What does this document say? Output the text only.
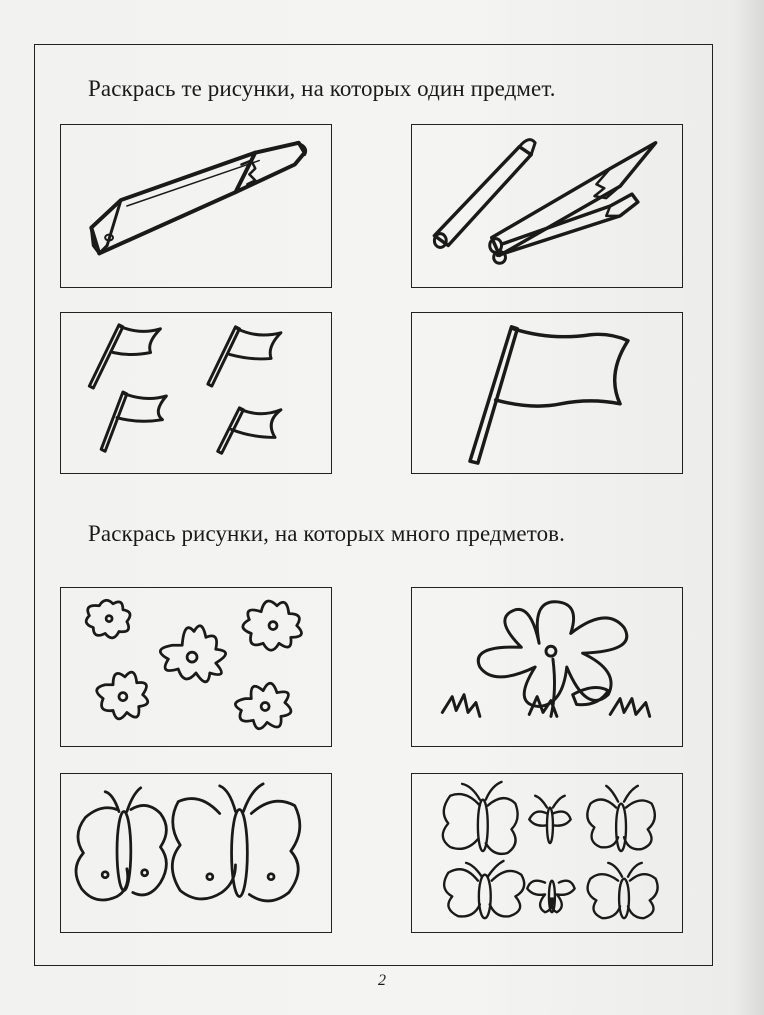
Раскрась те рисунки, на которых один предмет.
Раскрась рисунки, на которых много предметов.
2
